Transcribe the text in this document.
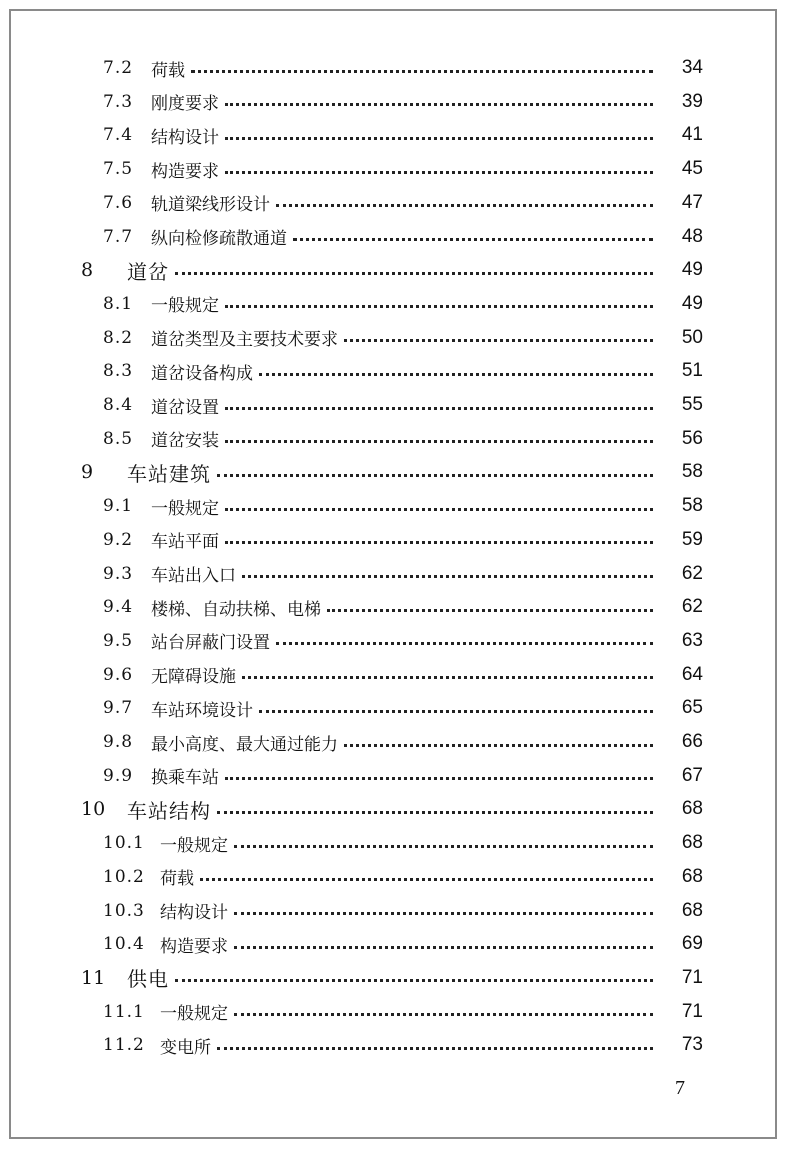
7.2	荷载	34
7.3	刚度要求	39
7.4	结构设计	41
7.5	构造要求	45
7.6	轨道梁线形设计	47
7.7	纵向检修疏散通道	48
8	道岔	49
8.1	一般规定	49
8.2	道岔类型及主要技术要求	50
8.3	道岔设备构成	51
8.4	道岔设置	55
8.5	道岔安装	56
9	车站建筑	58
9.1	一般规定	58
9.2	车站平面	59
9.3	车站出入口	62
9.4	楼梯、自动扶梯、电梯	62
9.5	站台屏蔽门设置	63
9.6	无障碍设施	64
9.7	车站环境设计	65
9.8	最小高度、最大通过能力	66
9.9	换乘车站	67
10	车站结构	68
10.1 一般规定	68
10.2 荷载	68
10.3 结构设计	68
10.4 构造要求	69
11	供电	71
11.1 一般规定	71
11.2 变电所	73
7
